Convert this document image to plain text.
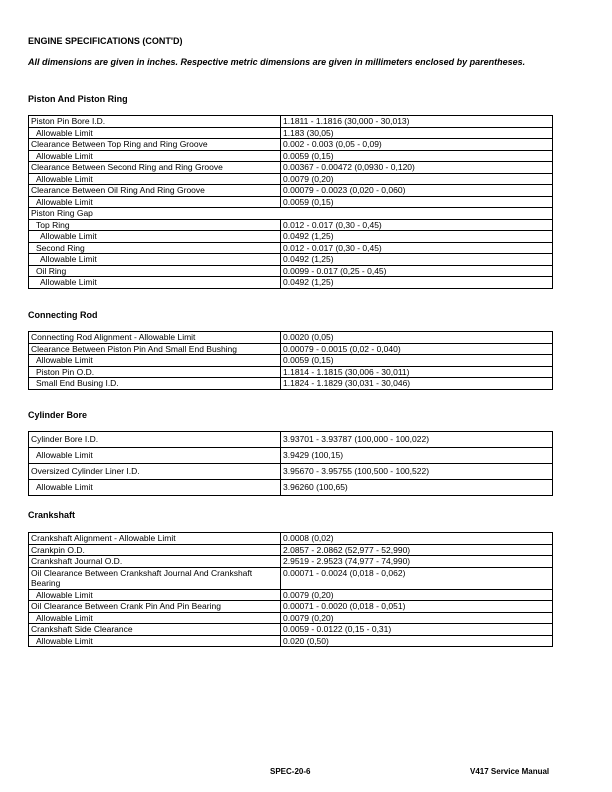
ENGINE SPECIFICATIONS (CONT'D)
All dimensions are given in inches. Respective metric dimensions are given in millimeters enclosed by parentheses.
Piston And Piston Ring
Piston Pin Bore I.D.	1.1811 - 1.1816 (30,000 - 30,013)
Allowable Limit	1.183 (30,05)
Clearance Between Top Ring and Ring Groove	0.002 - 0.003 (0,05 - 0,09)
Allowable Limit	0.0059 (0,15)
Clearance Between Second Ring and Ring Groove	0.00367 - 0.00472 (0,0930 - 0,120)
Allowable Limit	0.0079 (0,20)
Clearance Between Oil Ring And Ring Groove	0.00079 - 0.0023 (0,020 - 0,060)
Allowable Limit	0.0059 (0,15)
Piston Ring Gap	
Top Ring	0.012 - 0.017 (0,30 - 0,45)
Allowable Limit	0.0492 (1,25)
Second Ring	0.012 - 0.017 (0,30 - 0,45)
Allowable Limit	0.0492 (1,25)
Oil Ring	0.0099 - 0.017 (0,25 - 0,45)
Allowable Limit	0.0492 (1,25)
Connecting Rod
Connecting Rod Alignment - Allowable Limit	0.0020 (0,05)
Clearance Between Piston Pin And Small End Bushing	0.00079 - 0.0015 (0,02 - 0,040)
Allowable Limit	0.0059 (0,15)
Piston Pin O.D.	1.1814 - 1.1815 (30,006 - 30,011)
Small End Busing I.D.	1.1824 - 1.1829 (30,031 - 30,046)
Cylinder Bore
Cylinder Bore I.D.	3.93701 - 3.93787 (100,000 - 100,022)
Allowable Limit	3.9429 (100,15)
Oversized Cylinder Liner I.D.	3.95670 - 3.95755 (100,500 - 100,522)
Allowable Limit	3.96260 (100,65)
Crankshaft
Crankshaft Alignment - Allowable Limit	0.0008 (0,02)
Crankpin O.D.	2.0857 - 2.0862 (52,977 - 52,990)
Crankshaft Journal O.D.	2.9519 - 2.9523 (74,977 - 74,990)
Oil Clearance Between Crankshaft Journal And Crankshaft Bearing	0.00071 - 0.0024 (0,018 - 0,062)
Allowable Limit	0.0079 (0,20)
Oil Clearance Between Crank Pin And Pin Bearing	0.00071 - 0.0020 (0,018 - 0,051)
Allowable Limit	0.0079 (0,20)
Crankshaft Side Clearance	0.0059 - 0.0122 (0,15 - 0,31)
Allowable Limit	0.020 (0,50)
SPEC-20-6	V417 Service Manual
